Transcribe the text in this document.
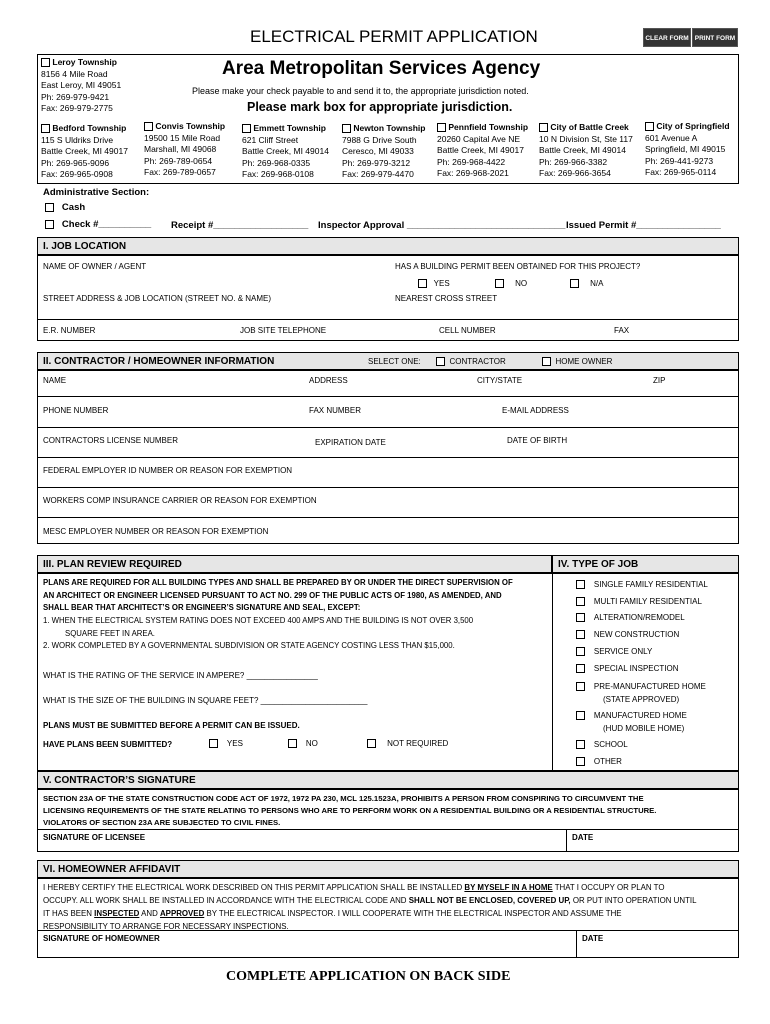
ELECTRICAL PERMIT APPLICATION	CLEAR FORM PRINT FORM
Area Metropolitan Services Agency
Please make your check payable to and send it to, the appropriate jurisdiction noted.
Please mark box for appropriate jurisdiction.
Leroy Township
8156 4 Mile Road
East Leroy, MI 49051
Ph: 269-979-9421
Fax: 269-979-2775
Bedford Township
115 S Uldriks Drive
Battle Creek, MI 49017
Ph: 269-965-9096
Fax: 269-965-0908
Convis Township
19500 15 Mile Road
Marshall, MI 49068
Ph: 269-789-0654
Fax: 269-789-0657
Emmett Township
621 Cliff Street
Battle Creek, MI 49014
Ph: 269-968-0335
Fax: 269-968-0108
Newton Township
7988 G Drive South
Ceresco, MI 49033
Ph: 269-979-3212
Fax: 269-979-4470
Pennfield Township
20260 Capital Ave NE
Battle Creek, MI 49017
Ph: 269-968-4422
Fax: 269-968-2021
City of Battle Creek
10 N Division St, Ste 117
Battle Creek, MI 49014
Ph: 269-966-3382
Fax: 269-966-3654
City of Springfield
601 Avenue A
Springfield, MI 49015
Ph: 269-441-9273
Fax: 269-965-0114
Administrative Section:
Cash
Check #__________ Receipt #__________________ Inspector Approval ______________________________ Issued Permit #________________
I. JOB LOCATION
NAME OF OWNER / AGENT	HAS A BUILDING PERMIT BEEN OBTAINED FOR THIS PROJECT?
YES	NO	N/A
STREET ADDRESS & JOB LOCATION (STREET NO. & NAME)	NEAREST CROSS STREET
E.R. NUMBER	JOB SITE TELEPHONE	CELL NUMBER	FAX
II. CONTRACTOR / HOMEOWNER INFORMATION	SELECT ONE:	CONTRACTOR	HOME OWNER
NAME	ADDRESS	CITY/STATE	ZIP
PHONE NUMBER	FAX NUMBER	E-MAIL ADDRESS
CONTRACTORS LICENSE NUMBER	EXPIRATION DATE	DATE OF BIRTH
FEDERAL EMPLOYER ID NUMBER OR REASON FOR EXEMPTION
WORKERS COMP INSURANCE CARRIER OR REASON FOR EXEMPTION
MESC EMPLOYER NUMBER OR REASON FOR EXEMPTION
III. PLAN REVIEW REQUIRED	IV. TYPE OF JOB
PLANS ARE REQUIRED FOR ALL BUILDING TYPES AND SHALL BE PREPARED BY OR UNDER THE DIRECT SUPERVISION OF
AN ARCHITECT OR ENGINEER LICENSED PURSUANT TO ACT NO. 299 OF THE PUBLIC ACTS OF 1980, AS AMENDED, AND
SHALL BEAR THAT ARCHITECT’S OR ENGINEER’S SIGNATURE AND SEAL, EXCEPT:
1. WHEN THE ELECTRICAL SYSTEM RATING DOES NOT EXCEED 400 AMPS AND THE BUILDING IS NOT OVER 3,500
SQUARE FEET IN AREA.
2. WORK COMPLETED BY A GOVERNMENTAL SUBDIVISION OR STATE AGENCY COSTING LESS THAN $15,000.
WHAT IS THE RATING OF THE SERVICE IN AMPERE? ________________
WHAT IS THE SIZE OF THE BUILDING IN SQUARE FEET? ________________________
PLANS MUST BE SUBMITTED BEFORE A PERMIT CAN BE ISSUED.
HAVE PLANS BEEN SUBMITTED?	YES	NO	NOT REQUIRED
SINGLE FAMILY RESIDENTIAL
MULTI FAMILY RESIDENTIAL
ALTERATION/REMODEL
NEW CONSTRUCTION
SERVICE ONLY
SPECIAL INSPECTION
PRE-MANUFACTURED HOME
(STATE APPROVED)
MANUFACTURED HOME
(HUD MOBILE HOME)
SCHOOL
OTHER
V. CONTRACTOR’S SIGNATURE
SECTION 23A OF THE STATE CONSTRUCTION CODE ACT OF 1972, 1972 PA 230, MCL 125.1523A, PROHIBITS A PERSON FROM CONSPIRING TO CIRCUMVENT THE
LICENSING REQUIREMENTS OF THE STATE RELATING TO PERSONS WHO ARE TO PERFORM WORK ON A RESIDENTIAL BUILDING OR A RESIDENTIAL STRUCTURE.
VIOLATORS OF SECTION 23A ARE SUBJECTED TO CIVIL FINES.
SIGNATURE OF LICENSEE	DATE
VI. HOMEOWNER AFFIDAVIT
I HEREBY CERTIFY THE ELECTRICAL WORK DESCRIBED ON THIS PERMIT APPLICATION SHALL BE INSTALLED BY MYSELF IN A HOME THAT I OCCUPY OR PLAN TO
OCCUPY. ALL WORK SHALL BE INSTALLED IN ACCORDANCE WITH THE ELECTRICAL CODE AND SHALL NOT BE ENCLOSED, COVERED UP, OR PUT INTO OPERATION UNTIL
IT HAS BEEN INSPECTED AND APPROVED BY THE ELECTRICAL INSPECTOR. I WILL COOPERATE WITH THE ELECTRICAL INSPECTOR AND ASSUME THE
RESPONSIBILITY TO ARRANGE FOR NECESSARY INSPECTIONS.
SIGNATURE OF HOMEOWNER	DATE
COMPLETE APPLICATION ON BACK SIDE
